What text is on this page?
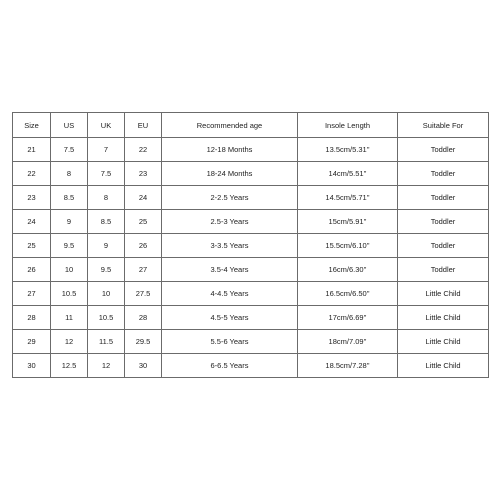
Size	US	UK	EU	Recommended age	Insole Length	Suitable For
21	7.5	7	22	12-18 Months	13.5cm/5.31''	Toddler
22	8	7.5	23	18-24 Months	14cm/5.51''	Toddler
23	8.5	8	24	2-2.5 Years	14.5cm/5.71''	Toddler
24	9	8.5	25	2.5-3 Years	15cm/5.91''	Toddler
25	9.5	9	26	3-3.5 Years	15.5cm/6.10''	Toddler
26	10	9.5	27	3.5-4 Years	16cm/6.30''	Toddler
27	10.5	10	27.5	4-4.5 Years	16.5cm/6.50''	Little Child
28	11	10.5	28	4.5-5 Years	17cm/6.69''	Little Child
29	12	11.5	29.5	5.5-6 Years	18cm/7.09''	Little Child
30	12.5	12	30	6-6.5 Years	18.5cm/7.28''	Little Child
